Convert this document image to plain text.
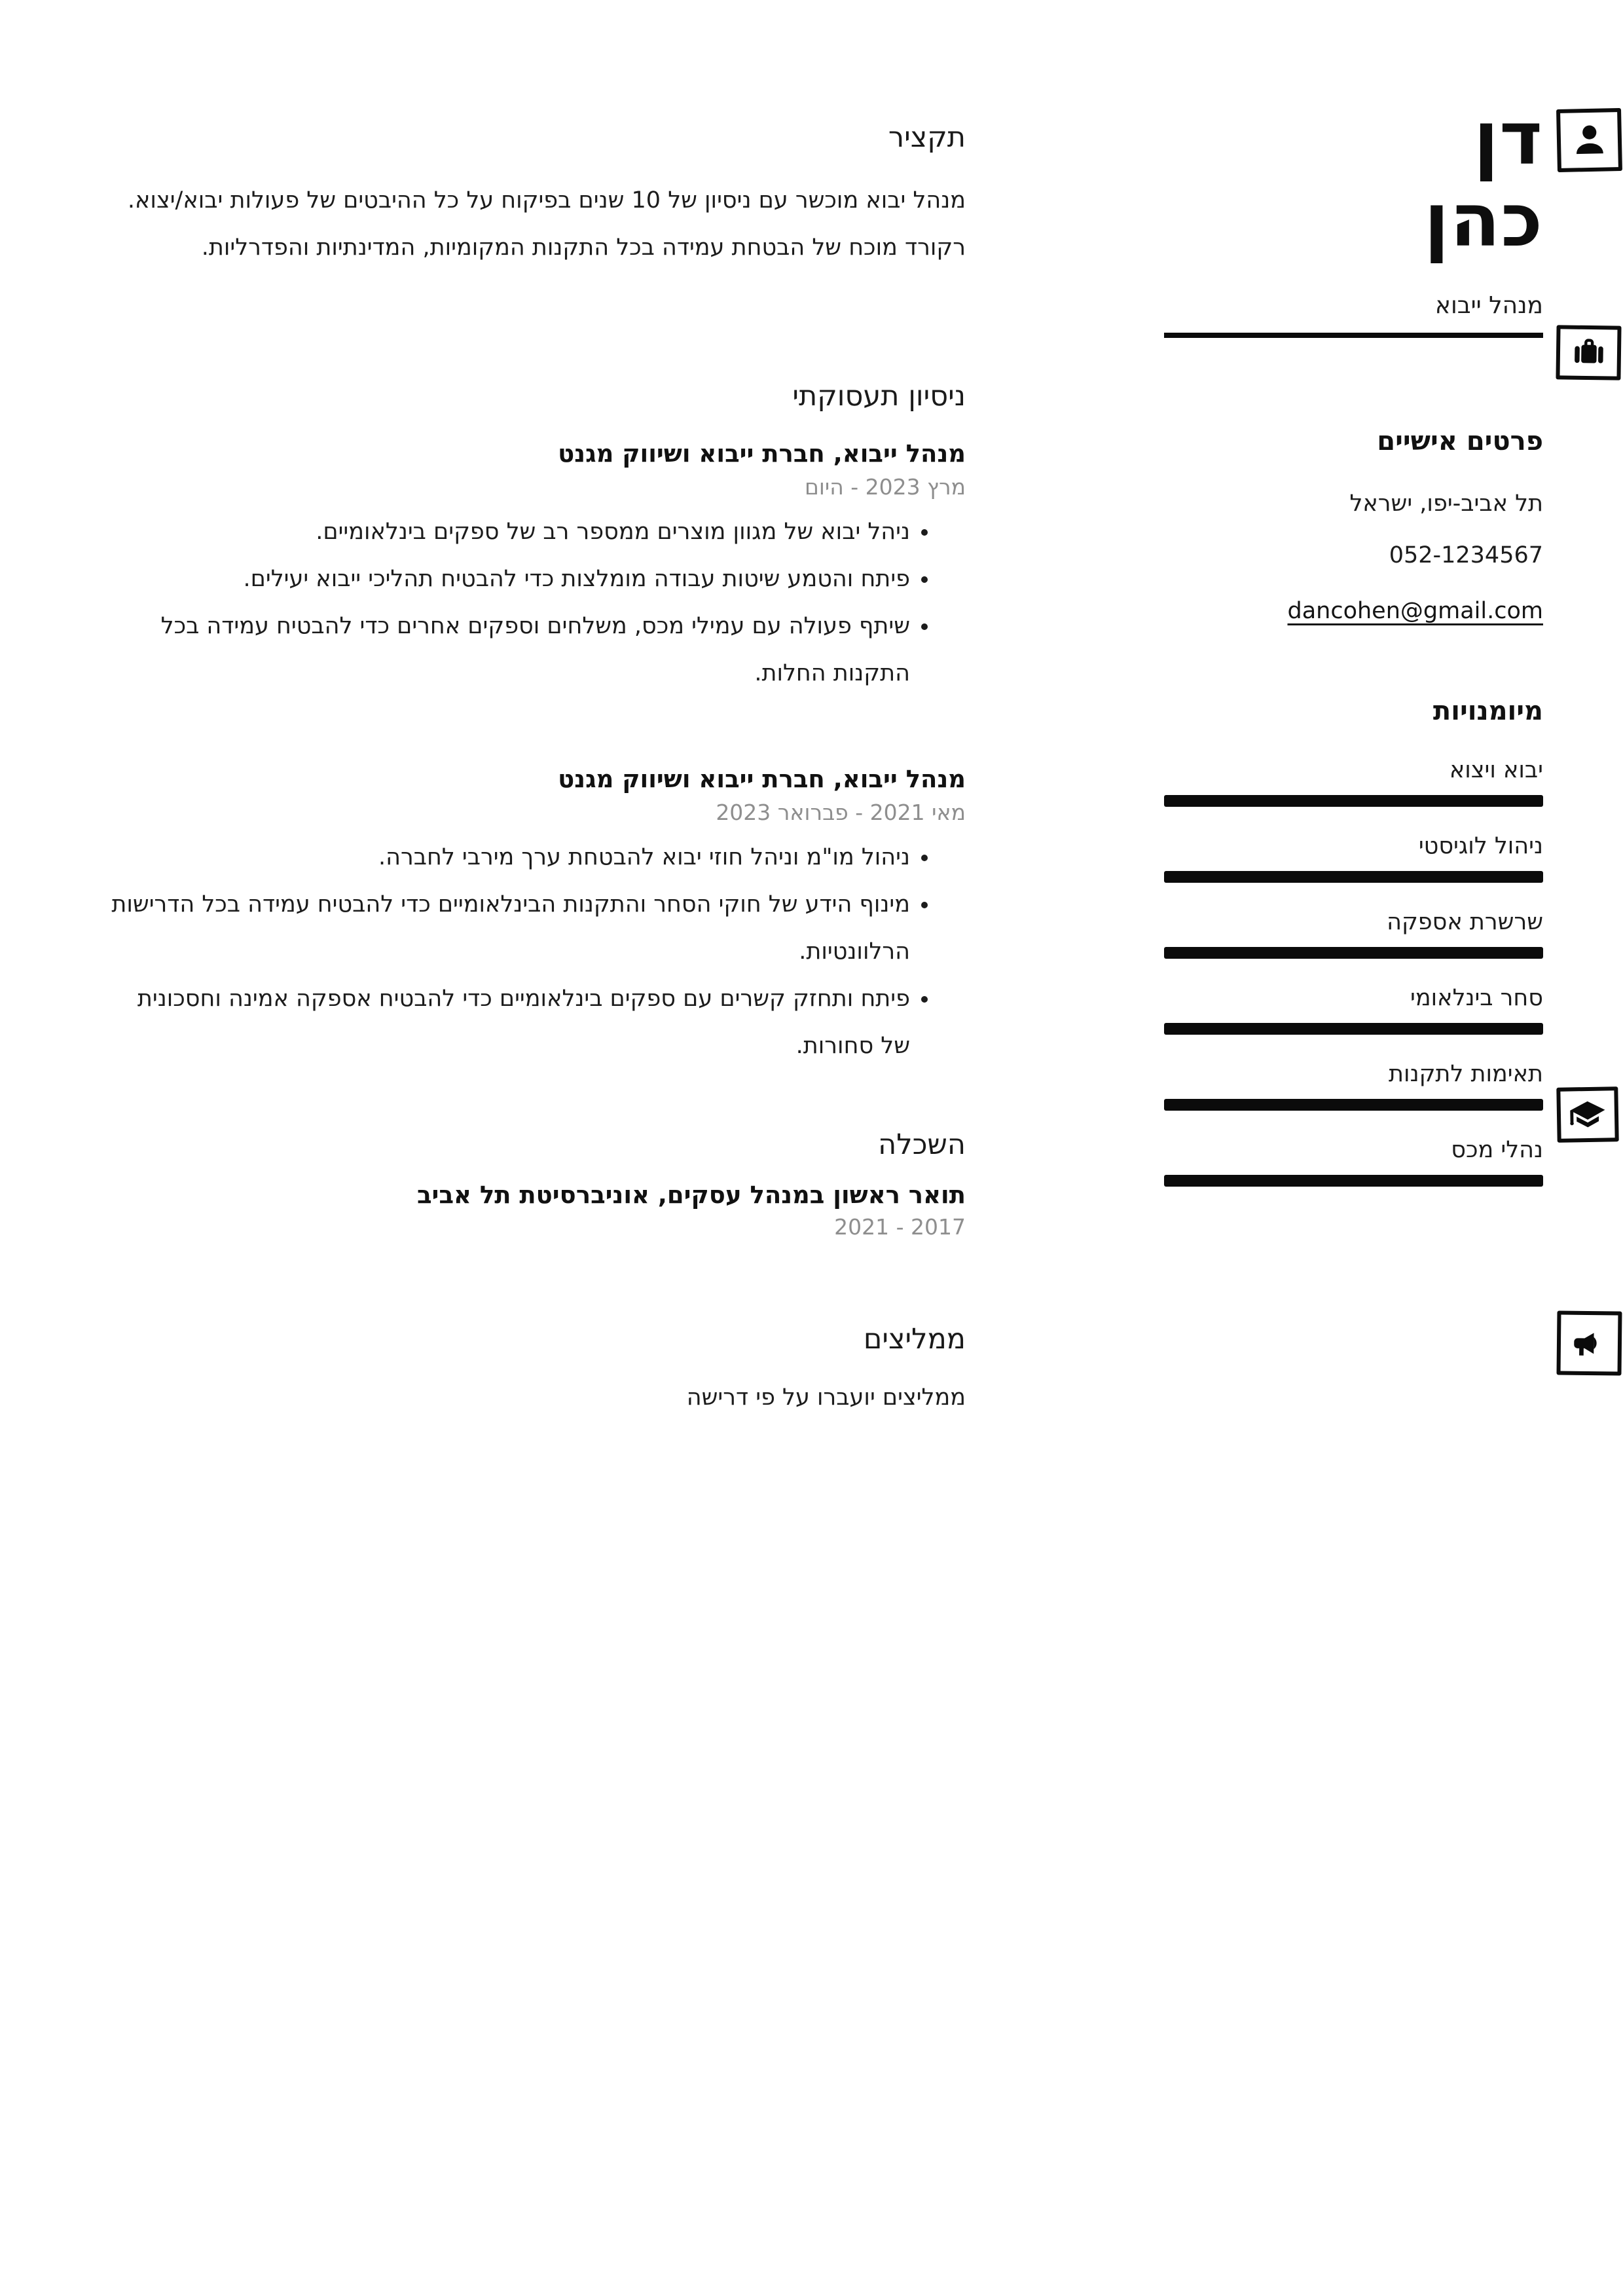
תקציר

מנהל יבוא מוכשר עם ניסיון של 10 שנים בפיקוח על כל ההיבטים של פעולות יבוא/יצוא. רקורד מוכח של הבטחת עמידה בכל התקנות המקומיות, המדינתיות והפדרליות.

ניסיון תעסוקתי
מנהל ייבוא, חברת ייבוא ושיווק מגנט
מרץ 2023 - היום
• ניהל יבוא של מגוון מוצרים ממספר רב של ספקים בינלאומיים.
• פיתח והטמע שיטות עבודה מומלצות כדי להבטיח תהליכי ייבוא יעילים.
• שיתף פעולה עם עמילי מכס, משלחים וספקים אחרים כדי להבטיח עמידה בכל התקנות החלות.
מנהל ייבוא, חברת ייבוא ושיווק מגנט
מאי 2021 - פברואר 2023
• ניהול מו"מ וניהל חוזי יבוא להבטחת ערך מירבי לחברה.
• מינוף הידע של חוקי הסחר והתקנות הבינלאומיים כדי להבטיח עמידה בכל הדרישות הרלוונטיות.
• פיתח ותחזק קשרים עם ספקים בינלאומיים כדי להבטיח אספקה אמינה וחסכונית של סחורות.
השכלה
תואר ראשון במנהל עסקים, אוניברסיטת תל אביב
2017 - 2021
ממליצים

ממליצים יועברו על פי דרישה

דן
כהן
מנהל ייבוא
פרטים אישיים
תל אביב-יפו, ישראל
052-1234567
dancohen@gmail.com
מיומנויות
יבוא ויצוא
ניהול לוגיסטי
שרשרת אספקה
סחר בינלאומי
תאימות לתקנות
נהלי מכס
